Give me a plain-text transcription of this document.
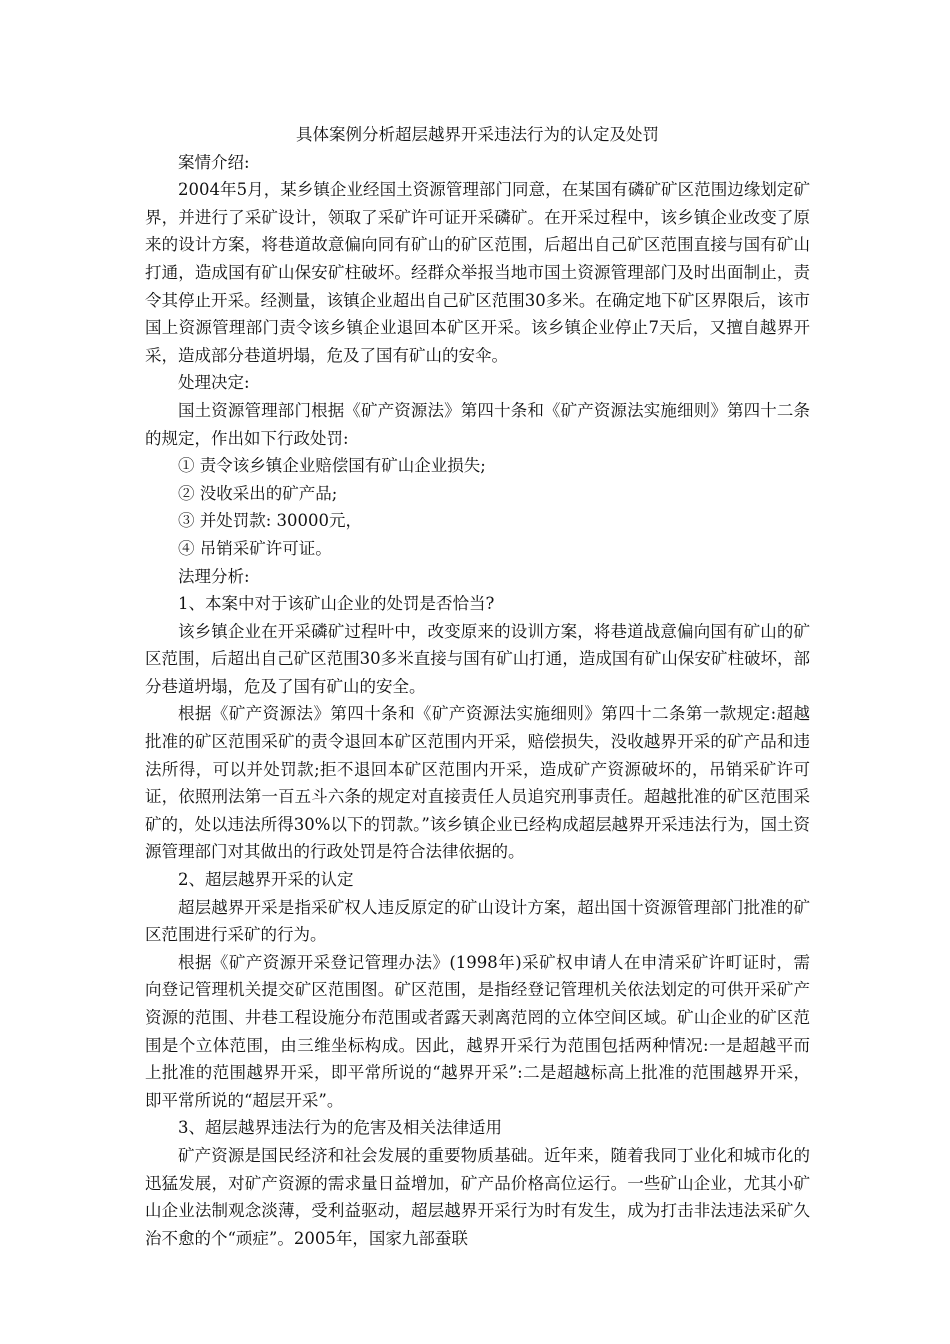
具体案例分析超层越界开采违法行为的认定及处罚

案情介绍:

2004年5月，某乡镇企业经国土资源管理部门同意，在某国有磷矿矿区范围边缘划定矿界，并进行了采矿设计，领取了采矿许可证开采磷矿。在开采过程中，该乡镇企业改变了原来的设计方案，将巷道故意偏向同有矿山的矿区范围，后超出自己矿区范围直接与国有矿山打通，造成国有矿山保安矿柱破坏。经群众举报当地市国土资源管理部门及时出面制止，责令其停止开采。经测量，该镇企业超出自己矿区范围30多米。在确定地下矿区界限后，该市国上资源管理部门责令该乡镇企业退回本矿区开采。该乡镇企业停止7天后，又擅自越界开采，造成部分巷道坍塌，危及了国有矿山的安伞。

处理决定:

国土资源管理部门根据《矿产资源法》第四十条和《矿产资源法实施细则》第四十二条的规定，作出如下行政处罚:

① 责令该乡镇企业赔偿国有矿山企业损失;

② 没收采出的矿产品;

③ 并处罚款: 30000元，

④ 吊销采矿许可证。

法理分析:

1、本案中对于该矿山企业的处罚是否恰当?

该乡镇企业在开采磷矿过程叶中，改变原来的设训方案，将巷道战意偏向国有矿山的矿区范围，后超出自己矿区范围30多米直接与国有矿山打通，造成国有矿山保安矿柱破坏，部分巷道坍塌，危及了国有矿山的安全。

根据《矿产资源法》第四十条和《矿产资源法实施细则》第四十二条第一款规定:超越批准的矿区范围采矿的责令退回本矿区范围内开采，赔偿损失，没收越界开采的矿产品和违法所得，可以并处罚款;拒不退回本矿区范围内开采，造成矿产资源破坏的，吊销采矿许可证，依照刑法第一百五斗六条的规定对直接责任人员追究刑事责任。超越批准的矿区范围采矿的，处以违法所得30%以下的罚款。”该乡镇企业已经构成超层越界开采违法行为，国土资源管理部门对其做出的行政处罚是符合法律依据的。

2、超层越界开采的认定

超层越界开采是指采矿权人违反原定的矿山设计方案，超出国十资源管理部门批准的矿区范围进行采矿的行为。

根据《矿产资源开采登记管理办法》(1998年)采矿权申请人在申清采矿许町证时，需向登记管理机关提交矿区范围图。矿区范围，是指经登记管理机关依法划定的可供开采矿产资源的范围、井巷工程设施分布范围或者露天剥离范罔的立体空间区域。矿山企业的矿区范围是个立体范围，由三维坐标构成。因此，越界开采行为范围包括两种情况:一是超越平而上批准的范围越界开采，即平常所说的“越界开采”:二是超越标高上批准的范围越界开采，即平常所说的“超层开采”。

3、超层越界违法行为的危害及相关法律适用

矿产资源是国民经济和社会发展的重要物质基础。近年来，随着我同丁业化和城市化的迅猛发展，对矿产资源的需求量日益增加，矿产品价格高位运行。一些矿山企业，尤其小矿山企业法制观念淡薄，受利益驱动，超层越界开采行为时有发生，成为打击非法违法采矿久治不愈的个“顽症”。2005年，国家九部蚕联
